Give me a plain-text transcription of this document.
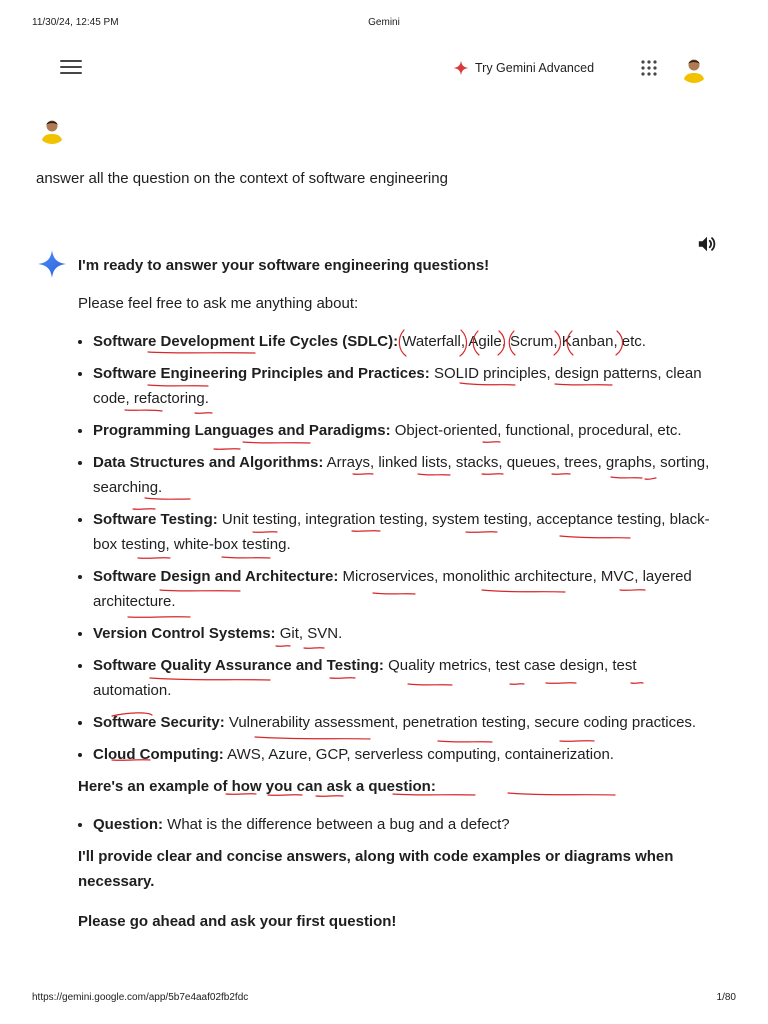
11/30/24, 12:45 PM	Gemini
Try Gemini Advanced
answer all the question on the context of software engineering

I'm ready to answer your software engineering questions!

Please feel free to ask me anything about:

• Software Development Life Cycles (SDLC): Waterfall, Agile, Scrum, Kanban, etc.
• Software Engineering Principles and Practices: SOLID principles, design patterns, clean code, refactoring.
• Programming Languages and Paradigms: Object-oriented, functional, procedural, etc.
• Data Structures and Algorithms: Arrays, linked lists, stacks, queues, trees, graphs, sorting, searching.
• Software Testing: Unit testing, integration testing, system testing, acceptance testing, black-box testing, white-box testing.
• Software Design and Architecture: Microservices, monolithic architecture, MVC, layered architecture.
• Version Control Systems: Git, SVN.
• Software Quality Assurance and Testing: Quality metrics, test case design, test automation.
• Software Security: Vulnerability assessment, penetration testing, secure coding practices.
• Cloud Computing: AWS, Azure, GCP, serverless computing, containerization.

Here's an example of how you can ask a question:

• Question: What is the difference between a bug and a defect?

I'll provide clear and concise answers, along with code examples or diagrams when necessary.

Please go ahead and ask your first question!

https://gemini.google.com/app/5b7e4aaf02fb2fdc	1/80
